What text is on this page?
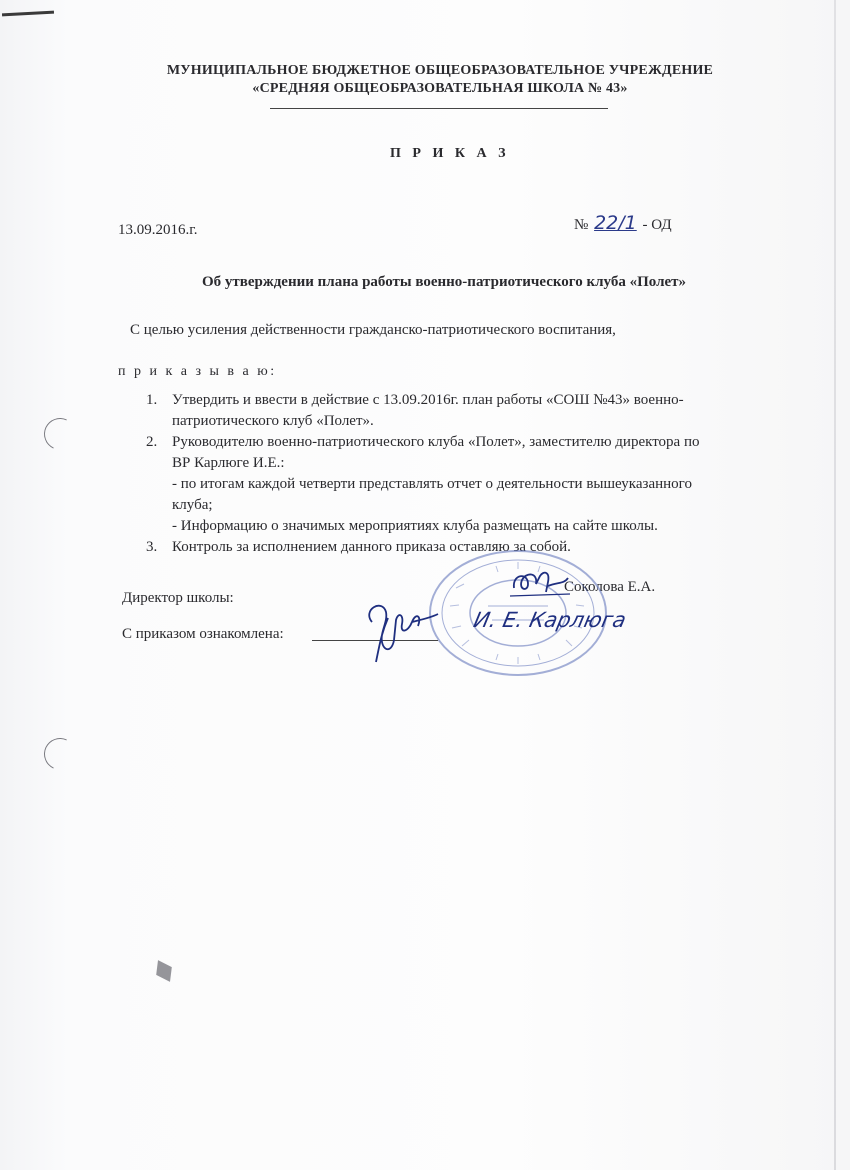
МУНИЦИПАЛЬНОЕ БЮДЖЕТНОЕ ОБЩЕОБРАЗОВАТЕЛЬНОЕ УЧРЕЖДЕНИЕ
«СРЕДНЯЯ ОБЩЕОБРАЗОВАТЕЛЬНАЯ ШКОЛА № 43»
П Р И К А З
13.09.2016.г.	№ 22/1 - ОД
Об утверждении плана работы военно-патриотического клуба «Полет»
С целью усиления действенности гражданско-патриотического воспитания,
п р и к а з ы в а ю:
1. Утвердить и ввести в действие с 13.09.2016г. план работы «СОШ №43» военно-
патриотического клуб «Полет».
2. Руководителю военно-патриотического клуба «Полет», заместителю директора по
ВР Карлюге И.Е.:
- по итогам каждой четверти представлять отчет о деятельности вышеуказанного
клуба;
- Информацию о значимых мероприятиях клуба размещать на сайте школы.
3. Контроль за исполнением данного приказа оставляю за собой.
Директор школы:
Соколова Е.А.
С приказом ознакомлена:
И. Е. Карлюга
